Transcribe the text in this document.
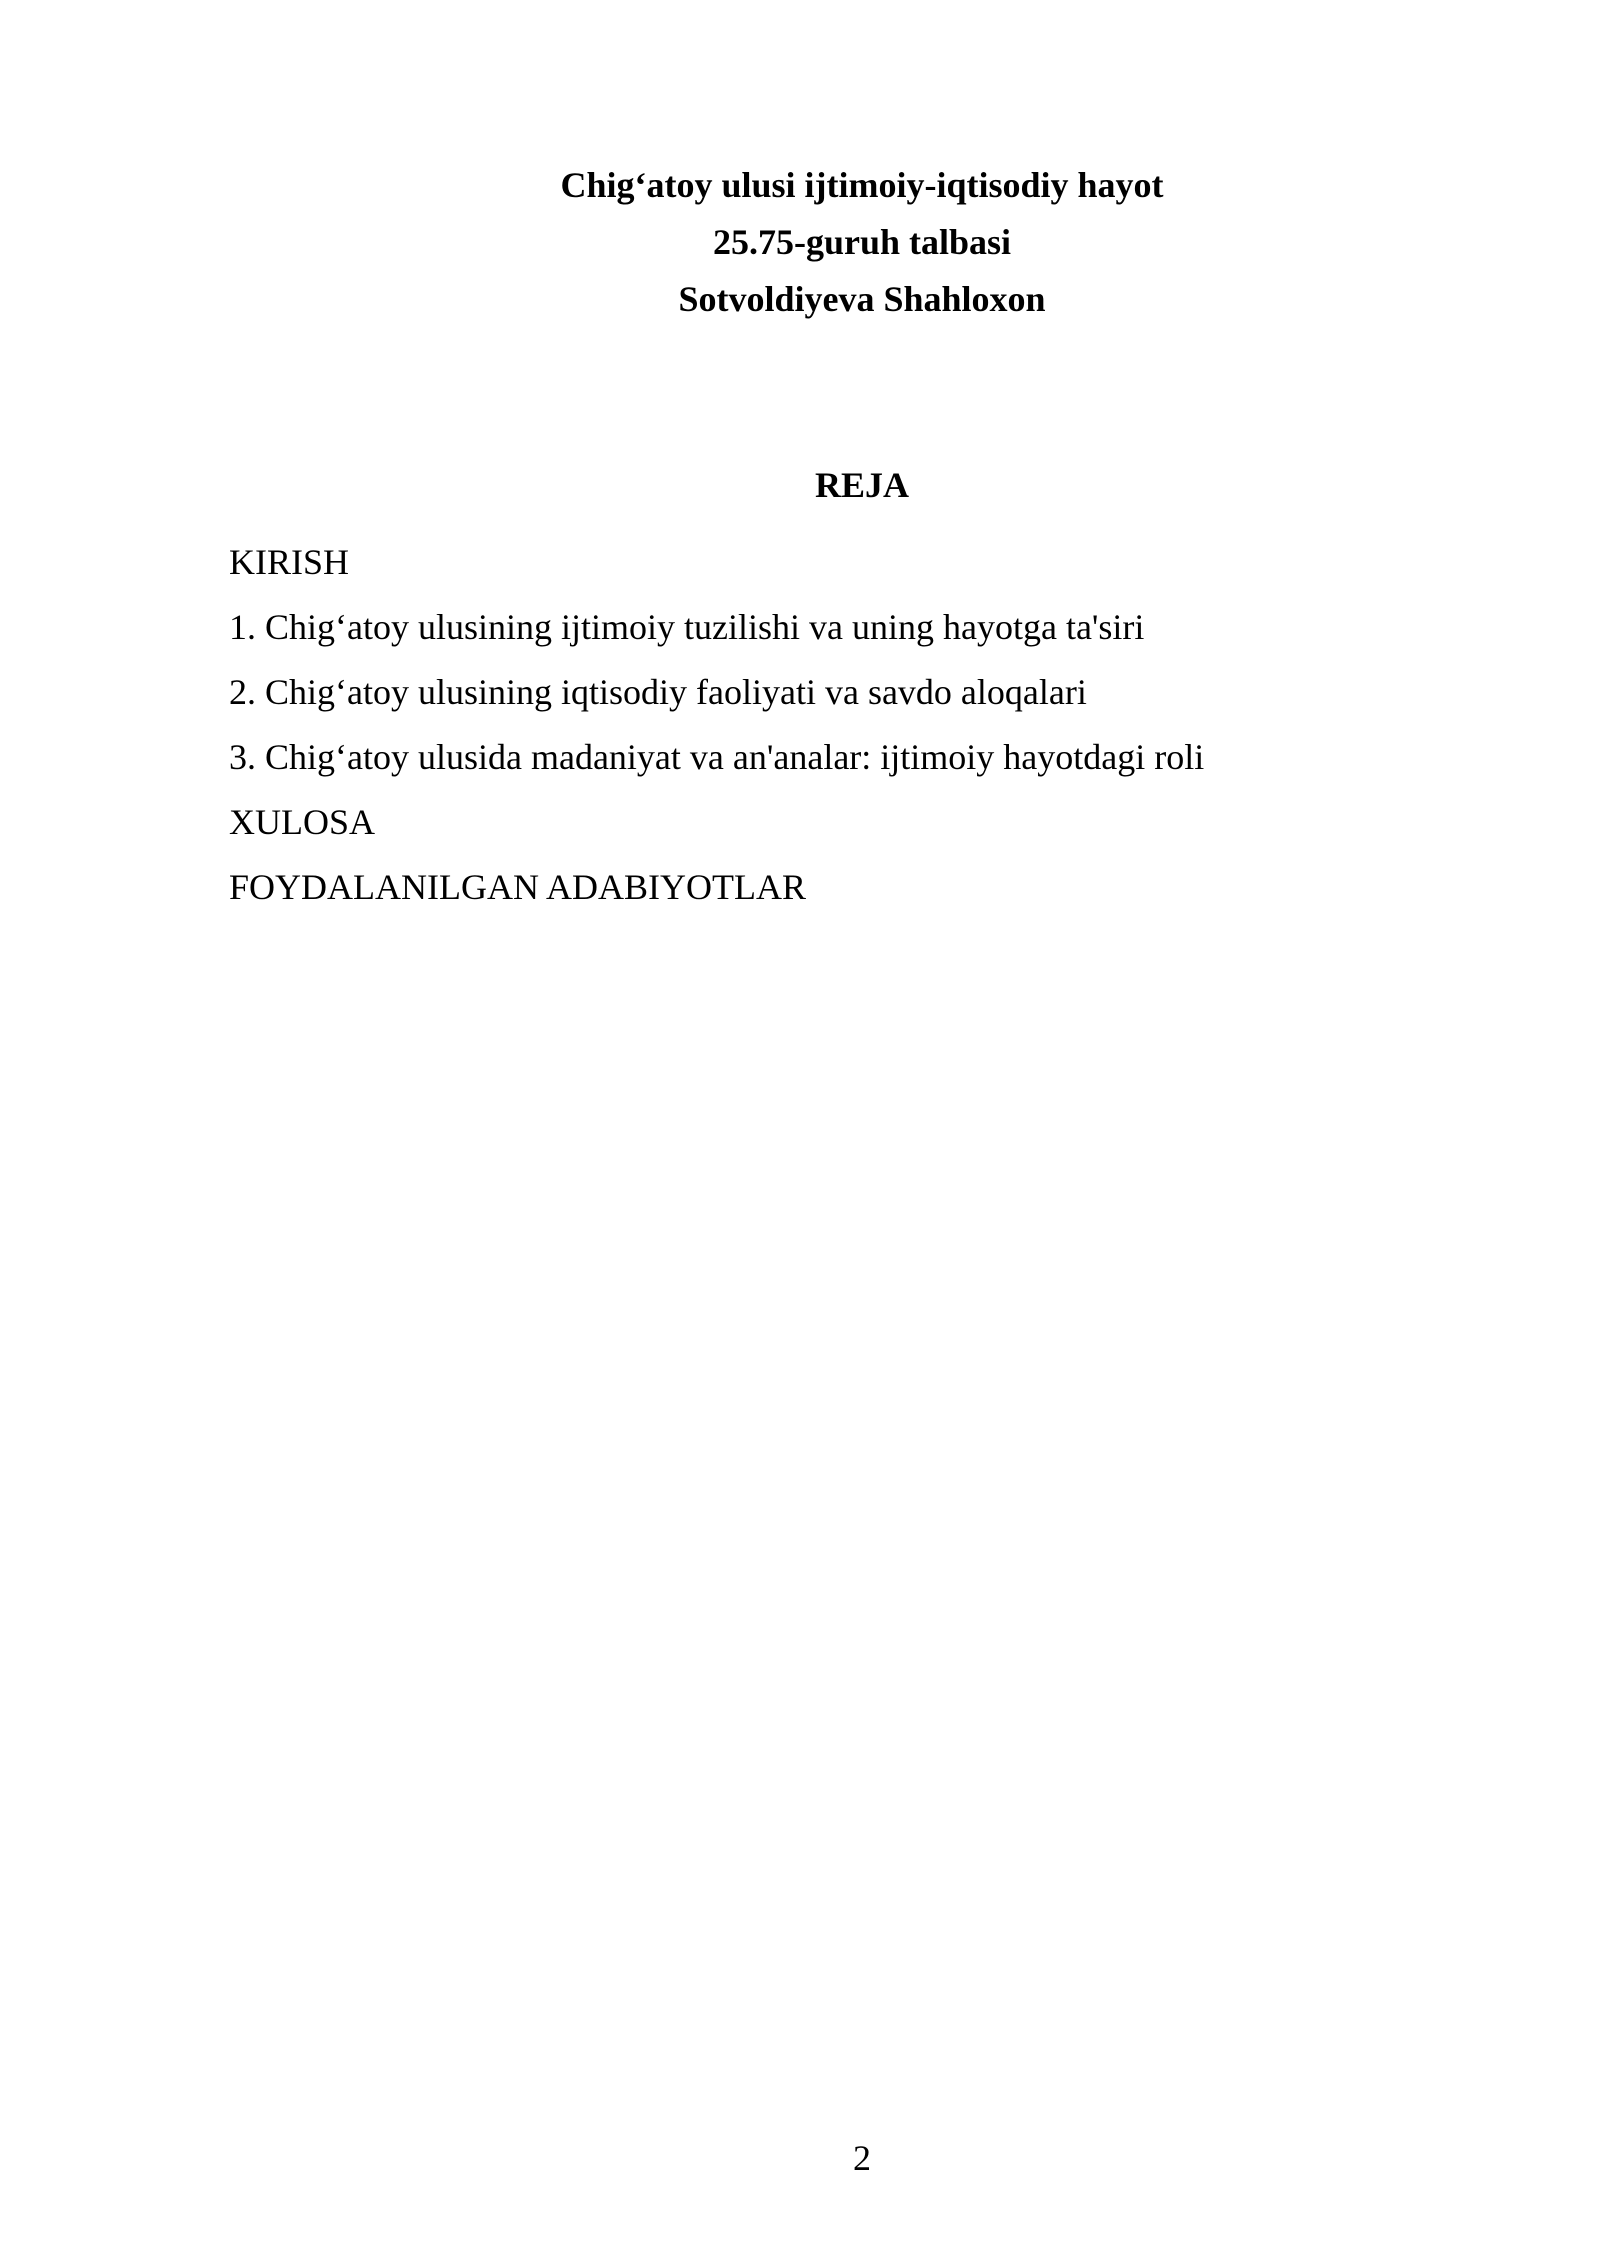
Chig‘atoy ulusi ijtimoiy-iqtisodiy hayot
25.75-guruh talbasi
Sotvoldiyeva Shahloxon
REJA
KIRISH
1. Chig‘atoy ulusining ijtimoiy tuzilishi va uning hayotga ta'siri
2. Chig‘atoy ulusining iqtisodiy faoliyati va savdo aloqalari
3. Chig‘atoy ulusida madaniyat va an'analar: ijtimoiy hayotdagi roli
XULOSA
FOYDALANILGAN ADABIYOTLAR
2
